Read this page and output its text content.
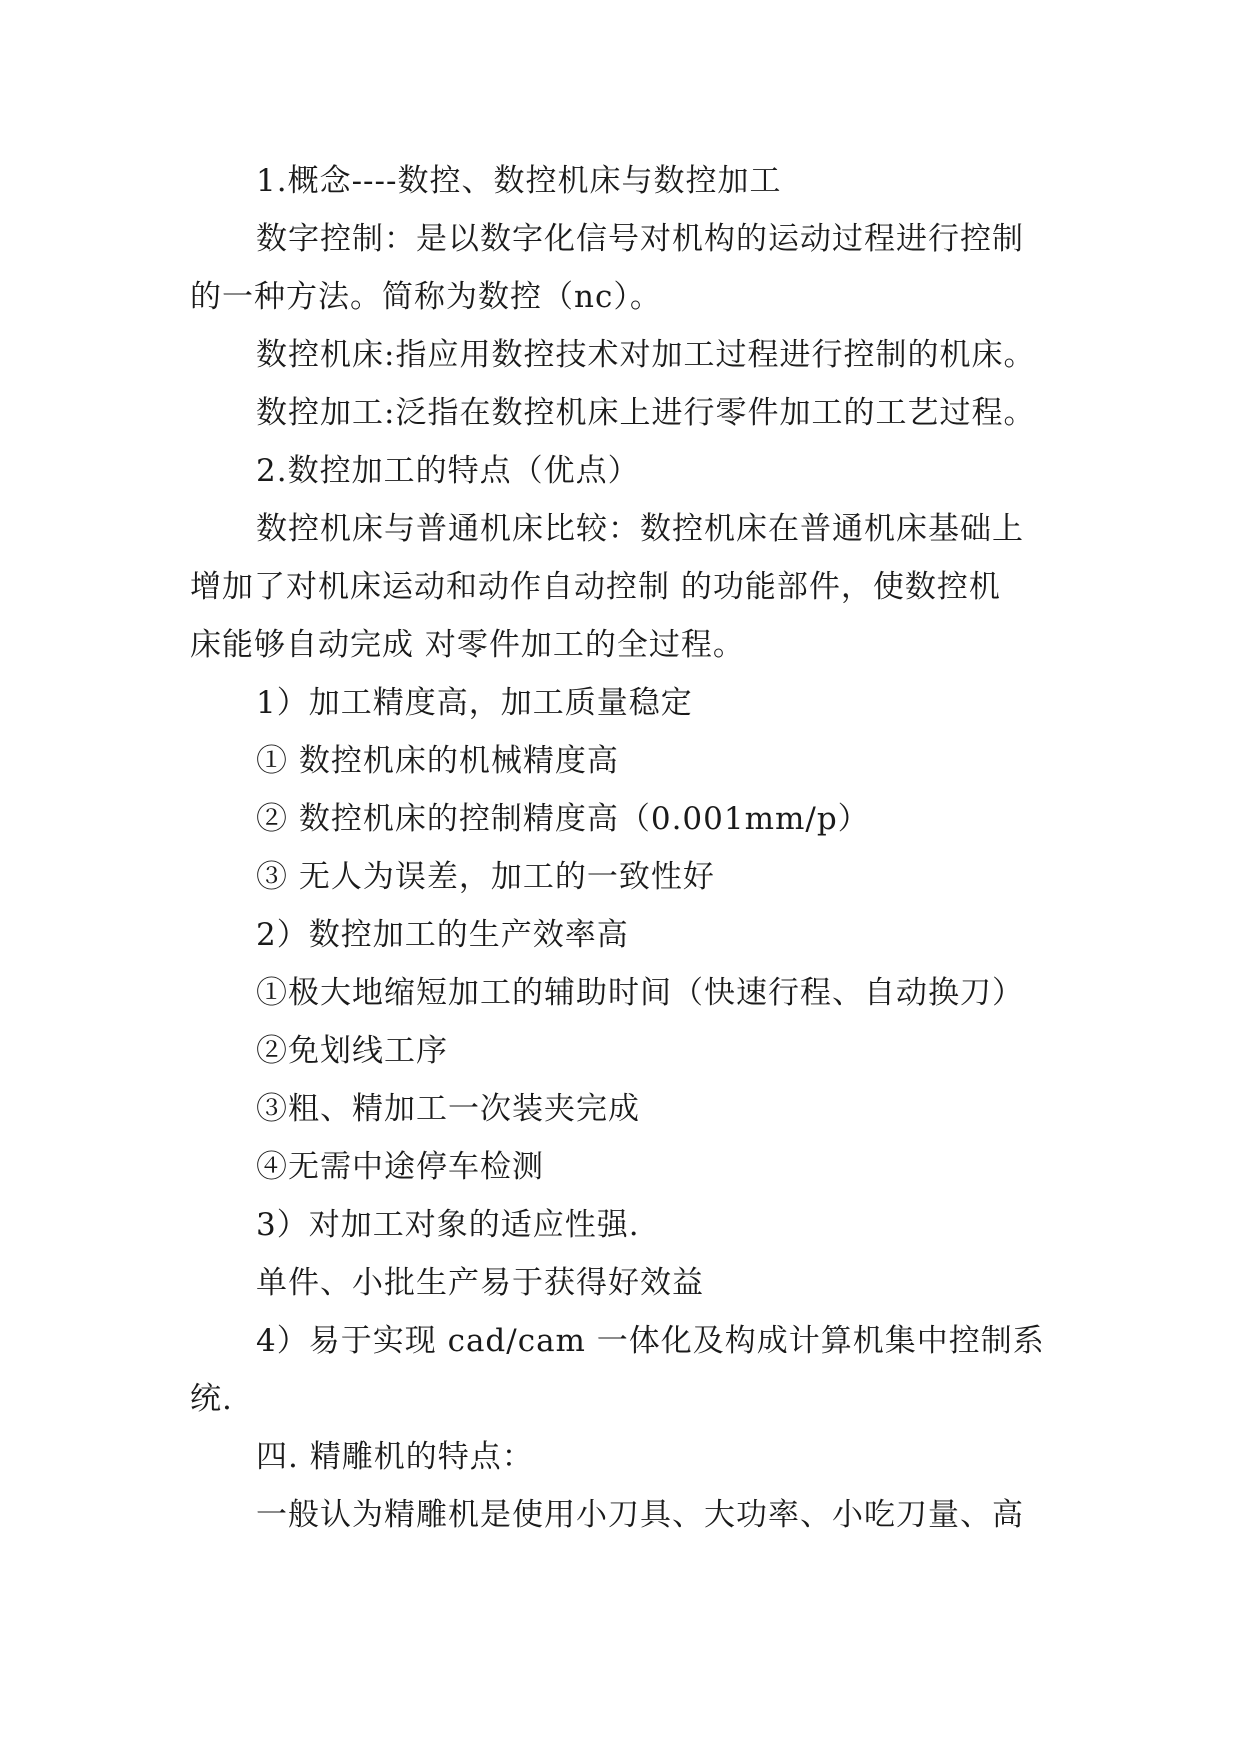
1.概念----数控、数控机床与数控加工
数字控制：是以数字化信号对机构的运动过程进行控制
的一种方法。简称为数控（nc）。
数控机床:指应用数控技术对加工过程进行控制的机床。
数控加工:泛指在数控机床上进行零件加工的工艺过程。
2.数控加工的特点（优点）
数控机床与普通机床比较：数控机床在普通机床基础上
增加了对机床运动和动作自动控制 的功能部件，使数控机
床能够自动完成 对零件加工的全过程。
1）加工精度高，加工质量稳定
① 数控机床的机械精度高
② 数控机床的控制精度高（0.001mm/p）
③ 无人为误差，加工的一致性好
2）数控加工的生产效率高
①极大地缩短加工的辅助时间（快速行程、自动换刀）
②免划线工序
③粗、精加工一次装夹完成
④无需中途停车检测
3）对加工对象的适应性强.
单件、小批生产易于获得好效益
4）易于实现 cad/cam 一体化及构成计算机集中控制系
统.
四. 精雕机的特点：
一般认为精雕机是使用小刀具、大功率、小吃刀量、高
